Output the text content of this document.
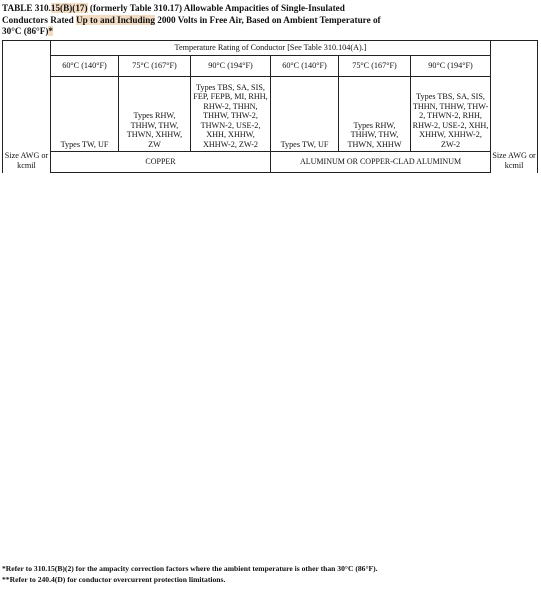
TABLE 310.15(B)(17) (formerly Table 310.17) Allowable Ampacities of Single-Insulated
Conductors Rated Up to and Including 2000 Volts in Free Air, Based on Ambient Temperature of
30°C (86°F)*
Size AWG or kcmil	Temperature Rating of Conductor [See Table 310.104(A).]						Size AWG or kcmil
	60°C (140°F)	75°C (167°F)	90°C (194°F)	60°C (140°F)	75°C (167°F)	90°C (194°F)	
	Types TW, UF	Types RHW, THHW, THW, THWN, XHHW, ZW	Types TBS, SA, SIS, FEP, FEPB, MI, RHH, RHW-2, THHN, THHW, THW-2, THWN-2, USE-2, XHH, XHHW, XHHW-2, ZW-2	Types TW, UF	Types RHW, THHW, THW, THWN, XHHW	Types TBS, SA, SIS, THHN, THHW, THW-2, THWN-2, RHH, RHW-2, USE-2, XHH, XHHW, XHHW-2, ZW-2	
	COPPER			ALUMINUM OR COPPER-CLAD ALUMINUM			
*Refer to 310.15(B)(2) for the ampacity correction factors where the ambient temperature is other than 30°C (86°F).
**Refer to 240.4(D) for conductor overcurrent protection limitations.
